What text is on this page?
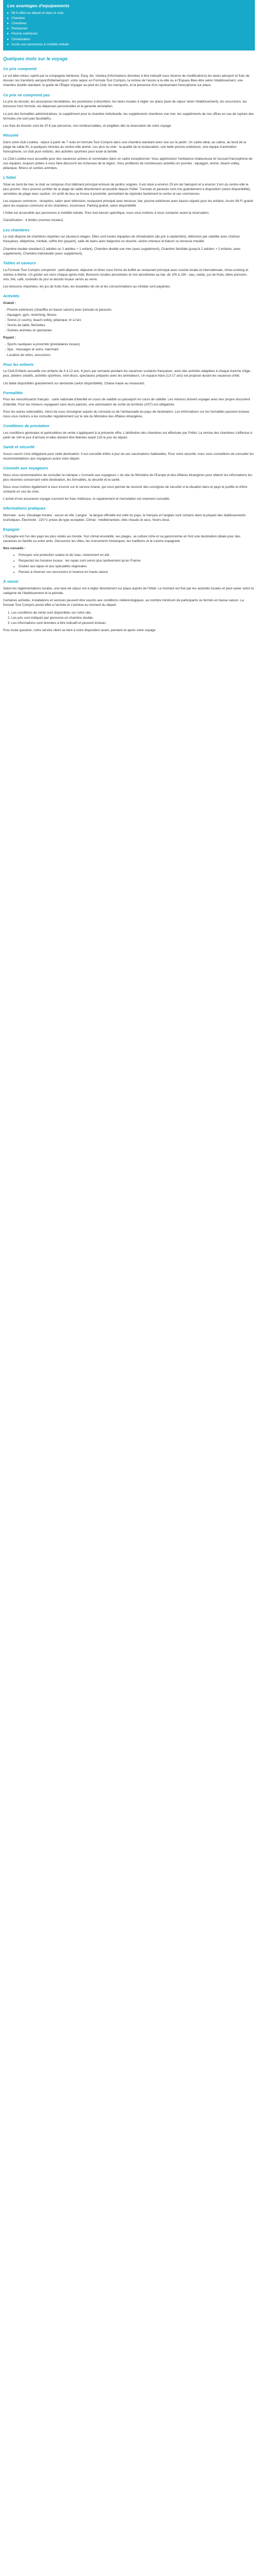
Les avantages d'equipements
▸ Wi-fi offert au départ et dans le club
▸ Chambre
▸ Chambres
▸ Restaurant
▸ Piscine extérieure
▸ Climatisation
▸ Accès aux personnes à mobilité réduite
Quelques mots sur le voyage
Ce prix comprend

Le vol aller-retour, opéré par la compagnie Aérienne, Easy Jet, Volotea (Informations données à titre indicatif sous réserve de modifications) les taxes aéroport et frais de dossier, les transferts aéroport/hôtel/aéroport, votre séjour en Formule Tout Compris, la remise de l'accès à la ville ou à l'Espace Bien-être selon l'établissement, une chambre double standard, le guide de l'Étape Voyager au pied du Club, les transports, et la présence d'un représentant francophone sur place.

Ce prix ne comprend pas

Le prix du dossier, les assurances facultatives, les pourboires à discrétion, les taxes locales à régler sur place (taxe de séjour selon l'établissement), les excursions, les boissons hors formule, les dépenses personnelles et la garantie annulation.

Le prix des formalités administratives, le supplément pour la chambre individuelle, les suppléments chambres vue mer, les suppléments de nos offres en cas de rupture des formules (ne sont pas facultatifs).

Les frais de dossier sont de 20 € par personne, non remboursables, et exigibles dès la réservation de votre voyage.

Résumé

Dans votre club Lookéa : séjour à partir de 7 nuits en formule Tout Compris dans une chambre standard avec vue sur le jardin. Un cadre idéal, au calme, au bord de la plage de sable fin, à quelques minutes du centre-ville animé. Les plus du club : la qualité de la restauration, une belle piscine extérieure, une équipe d'animation francophone, un club pour enfants, des activités sportives pour toute la famille.

Le Club Lookéa vous accueille pour des vacances actives et conviviales dans un cadre exceptionnel. Vous apprécierez l'ambiance chaleureuse et l'accueil francophone de nos équipes, toujours prêtes à vous faire découvrir les richesses de la région. Vous profiterez de nombreuses activités en journée : aquagym, tennis, beach-volley, pétanque, fitness et soirées animées.

L'hôtel

Situé en bord de mer, le club se compose d'un bâtiment principal entouré de jardins soignés. Il est situé à environ 25 km de l'aéroport et à environ 3 km du centre-ville le plus proche. Vous pourrez profiter de la plage de sable directement accessible depuis l'hôtel. Transats et parasols sont mis gratuitement à disposition (selon disponibilité), serviettes de plage avec caution. Un arrêt de bus se trouve à proximité, permettant de rejoindre facilement le centre et ses commerces.

Les espaces communs : réception, salon avec télévision, restaurant principal avec terrasse, bar, piscine extérieure avec bassin séparé pour les enfants. Accès Wi-Fi gratuit dans les espaces communs et les chambres. Ascenseur. Parking gratuit, selon disponibilité.

L'hôtel est accessible aux personnes à mobilité réduite. Pour tout besoin spécifique, nous vous invitons à nous contacter avant la réservation.

Classification : 4 étoiles (normes locales).

Les chambres

Le club dispose de chambres réparties sur plusieurs étages. Elles sont toutes équipées de climatisation (de juin à septembre), télévision par satellite avec chaînes françaises, téléphone, minibar, coffre-fort (payant), salle de bains avec baignoire ou douche, sèche-cheveux et balcon ou terrasse meublé.

Chambre double standard (2 adultes ou 2 adultes + 1 enfant), Chambre double vue mer (avec supplément), Chambre familiale (jusqu'à 2 adultes + 2 enfants, avec supplément), Chambre individuelle (avec supplément).

Tables et saveurs

La Formule Tout Compris comprend : petit-déjeuner, déjeuner et dîner sous forme de buffet au restaurant principal avec cuisine locale et internationale, show-cooking et soirées à thème. Un goûter est servi chaque après-midi. Boissons locales alcoolisées et non alcoolisées au bar, de 10h à 23h : eau, sodas, jus de fruits, bière pression, vins, thé, café, cocktails du jour et alcools locaux servis au verre.

Les boissons importées, les jus de fruits frais, les bouteilles de vin et les consommations au minibar sont payantes.

Activités

Gratuit :

- Piscine extérieure (chauffée en basse saison) avec transats et parasols
- Aquagym, gym, stretching, fitness
- Tennis (2 courts), beach-volley, pétanque, tir à l'arc
- Tennis de table, fléchettes
- Soirées animées et spectacles

Payant :

- Sports nautiques à proximité (prestataires locaux)
- Spa : massages et soins, hammam
- Location de vélos, excursions
Pour les enfants

Le Club Enfants accueille vos enfants de 4 à 12 ans, 6 jours par semaine pendant les vacances scolaires françaises, avec des activités adaptées à chaque tranche d'âge : jeux, ateliers créatifs, activités sportives, mini-disco, spectacles préparés avec les animateurs. Un espace Ados (13-17 ans) est proposé durant les vacances d'été.

Lits bébé disponibles gratuitement sur demande (selon disponibilité). Chaise haute au restaurant.

Formalités

Pour les ressortissants français : carte nationale d'identité en cours de validité ou passeport en cours de validité. Les mineurs doivent voyager avec leur propre document d'identité. Pour les mineurs voyageant sans leurs parents, une autorisation de sortie du territoire (AST) est obligatoire.

Pour les autres nationalités, merci de vous renseigner auprès du consulat ou de l'ambassade du pays de destination. Les informations sur les formalités peuvent évoluer, nous vous invitons à les consulter régulièrement sur le site du Ministère des Affaires étrangères.

Conditions de prestation

Les conditions générales et particulières de vente s'appliquent à la présente offre. L'attribution des chambres est effectuée par l'hôtel. La remise des chambres s'effectue à partir de 14h le jour d'arrivée et elles doivent être libérées avant 12h le jour du départ.

Santé et sécurité

Aucun vaccin n'est obligatoire pour cette destination. Il est conseillé d'être à jour de ses vaccinations habituelles. Pour votre sécurité, nous vous conseillons de consulter les recommandations aux voyageurs avant votre départ.

Conseils aux voyageurs

Nous vous recommandons de consulter la rubrique « Conseils aux voyageurs » du site du Ministère de l'Europe et des Affaires étrangères pour obtenir les informations les plus récentes concernant votre destination, les formalités, la sécurité et la santé.

Nous vous invitons également à vous inscrire sur le service Ariane, qui vous permet de recevoir des consignes de sécurité si la situation dans le pays le justifie et d'être contacté en cas de crise.

L'achat d'une assurance voyage couvrant les frais médicaux, le rapatriement et l'annulation est vivement conseillé.

Informations pratiques

Monnaie : euro. Décalage horaire : aucun en été. Langue : la langue officielle est celle du pays, le français et l'anglais sont compris dans la plupart des établissements touristiques. Électricité : 220 V, prises de type européen. Climat : méditerranéen, étés chauds et secs, hivers doux.

Espagne

L'Espagne est l'un des pays les plus visités au monde. Son climat ensoleillé, ses plages, sa culture riche et sa gastronomie en font une destination idéale pour des vacances en famille ou entre amis. Découvrez les villes, les monuments historiques, les traditions et la cuisine espagnole.

Nos conseils :

• Prévoyez une protection solaire et de l'eau, notamment en été
• Respectez les horaires locaux : les repas sont servis plus tardivement qu'en France
• Goûtez aux tapas et aux spécialités régionales
• Pensez à réserver vos excursions à l'avance en haute saison
À savoir

Selon les réglementations locales, une taxe de séjour est à régler directement sur place auprès de l'hôtel. Le montant est fixé par les autorités locales et peut varier selon la catégorie de l'établissement et la période.

Certaines activités, installations et services peuvent être soumis aux conditions météorologiques, au nombre minimum de participants ou fermés en basse saison. La formule Tout Compris prend effet à l'arrivée et s'achève au moment du départ.

1. Les conditions de vente sont disponibles sur notre site.
2. Les prix sont indiqués par personne en chambre double.
3. Les informations sont données à titre indicatif et peuvent évoluer.

Pour toute question, notre service client se tient à votre disposition avant, pendant et après votre voyage.
